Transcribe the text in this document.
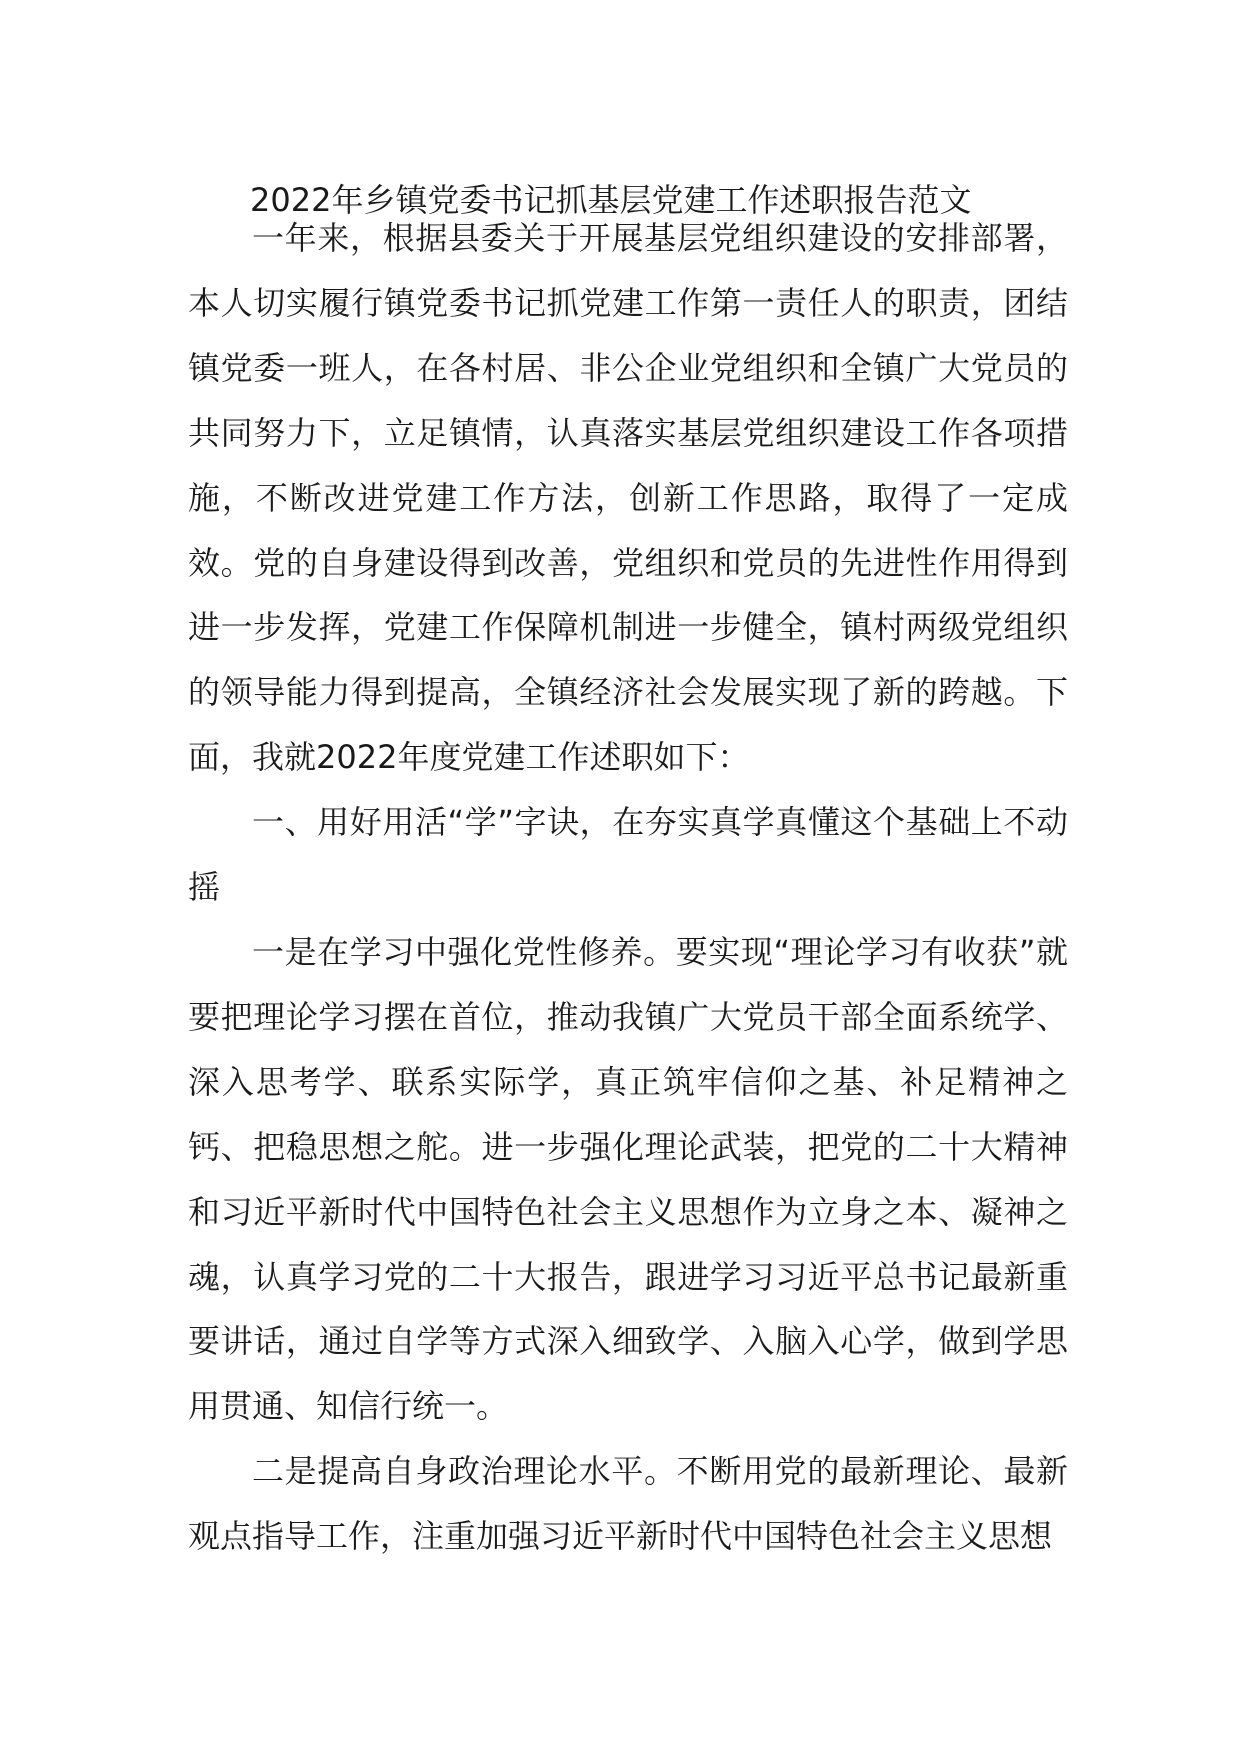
2022年乡镇党委书记抓基层党建工作述职报告范文

一年来，根据县委关于开展基层党组织建设的安排部署，本人切实履行镇党委书记抓党建工作第一责任人的职责，团结镇党委一班人，在各村居、非公企业党组织和全镇广大党员的共同努力下，立足镇情，认真落实基层党组织建设工作各项措施，不断改进党建工作方法，创新工作思路，取得了一定成效。党的自身建设得到改善，党组织和党员的先进性作用得到进一步发挥，党建工作保障机制进一步健全，镇村两级党组织的领导能力得到提高，全镇经济社会发展实现了新的跨越。下面，我就2022年度党建工作述职如下：

一、用好用活“学”字诀，在夯实真学真懂这个基础上不动摇

一是在学习中强化党性修养。要实现“理论学习有收获”就要把理论学习摆在首位，推动我镇广大党员干部全面系统学、深入思考学、联系实际学，真正筑牢信仰之基、补足精神之钙、把稳思想之舵。进一步强化理论武装，把党的二十大精神和习近平新时代中国特色社会主义思想作为立身之本、凝神之魂，认真学习党的二十大报告，跟进学习习近平总书记最新重要讲话，通过自学等方式深入细致学、入脑入心学，做到学思用贯通、知信行统一。

二是提高自身政治理论水平。不断用党的最新理论、最新观点指导工作，注重加强习近平新时代中国特色社会主义思想
